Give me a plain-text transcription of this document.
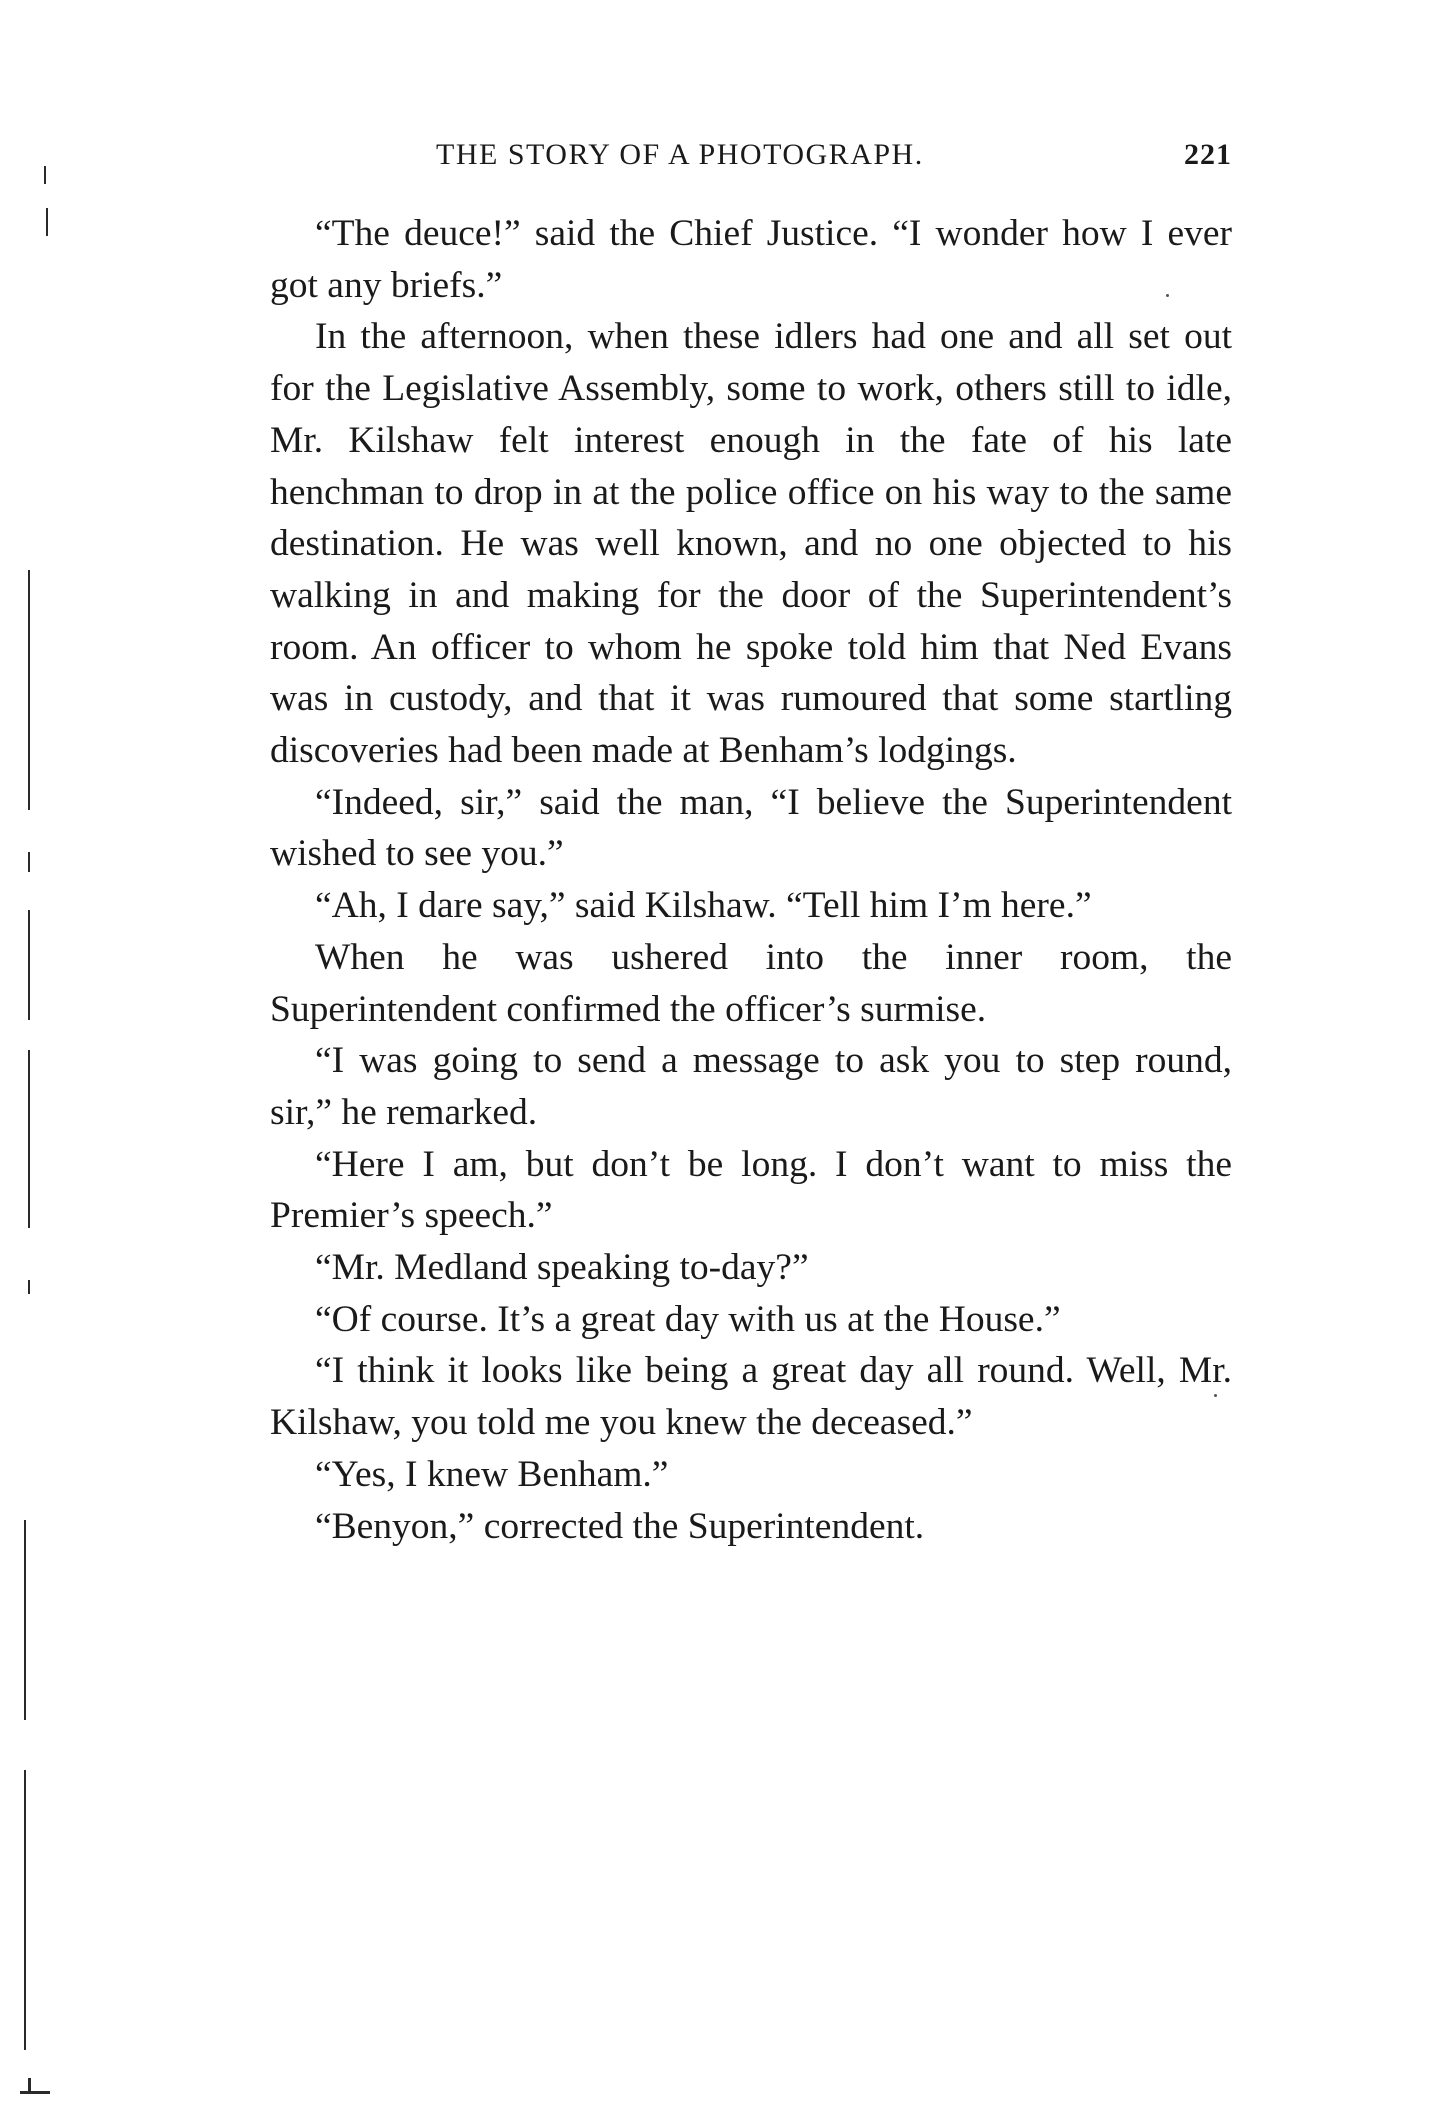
THE STORY OF A PHOTOGRAPH.	221

“The deuce!” said the Chief Justice. “I wonder how I ever got any briefs.”

In the afternoon, when these idlers had one and all set out for the Legislative Assembly, some to work, others still to idle, Mr. Kilshaw felt interest enough in the fate of his late henchman to drop in at the police office on his way to the same destination. He was well known, and no one objected to his walking in and making for the door of the Superintendent’s room. An officer to whom he spoke told him that Ned Evans was in custody, and that it was rumoured that some startling discoveries had been made at Benham’s lodgings.

“Indeed, sir,” said the man, “I believe the Superintendent wished to see you.”

“Ah, I dare say,” said Kilshaw. “Tell him I’m here.”

When he was ushered into the inner room, the Superintendent confirmed the officer’s surmise.

“I was going to send a message to ask you to step round, sir,” he remarked.

“Here I am, but don’t be long. I don’t want to miss the Premier’s speech.”

“Mr. Medland speaking to-day?”

“Of course. It’s a great day with us at the House.”

“I think it looks like being a great day all round. Well, Mr. Kilshaw, you told me you knew the deceased.”

“Yes, I knew Benham.”

“Benyon,” corrected the Superintendent.
